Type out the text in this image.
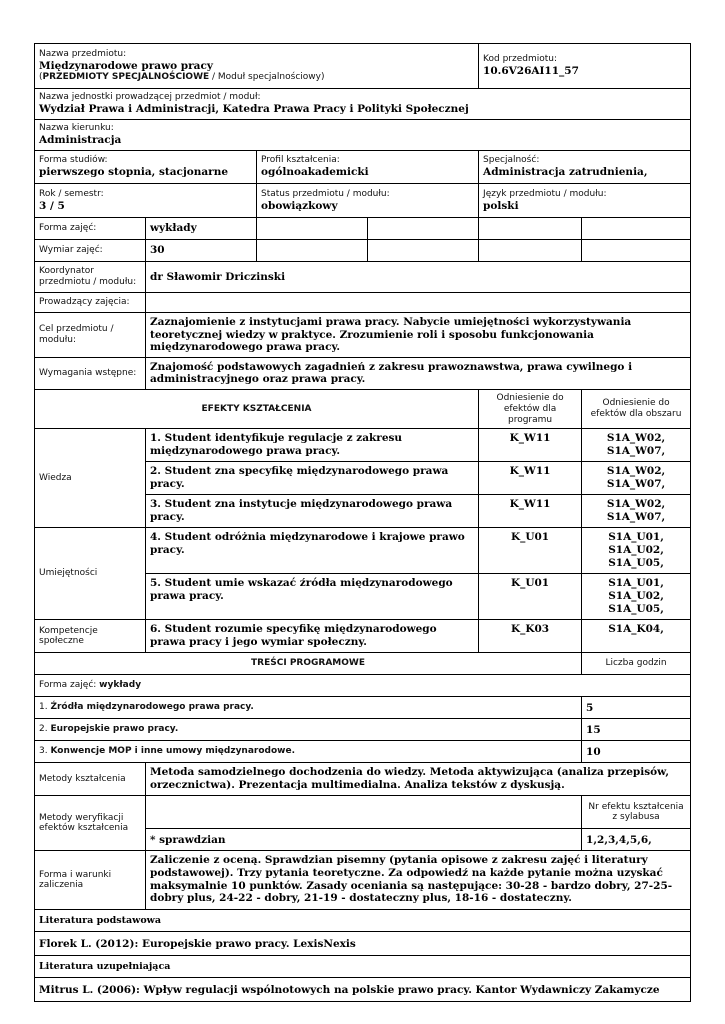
Nazwa przedmiotu:
Międzynarodowe prawo pracy
(PRZEDMIOTY SPECJALNOŚCIOWE / Moduł specjalnościowy)				Kod przedmiotu:
10.6V26AI11_57	

Nazwa jednostki prowadzącej przedmiot / moduł:
Wydział Prawa i Administracji, Katedra Prawa Pracy i Polityki Społecznej					

Nazwa kierunku:
Administracja					

Forma studiów:
pierwszego stopnia, stacjonarne		Profil kształcenia:
ogólnoakademicki		Specjalność:
Administracja zatrudnienia,	

Rok / semestr:
3 / 5		Status przedmiotu / modułu:
obowiązkowy		Język przedmiotu / modułu:
polski	

Forma zajęć:	wykłady				
Wymiar zajęć:	30				
Koordynator przedmiotu / modułu:	dr Sławomir Driczinski				
Prowadzący zajęcia:					
Cel przedmiotu / modułu:	Zaznajomienie z instytucjami prawa pracy. Nabycie umiejętności wykorzystywania teoretycznej wiedzy w praktyce. Zrozumienie roli i sposobu funkcjonowania międzynarodowego prawa pracy.				
Wymagania wstępne:	Znajomość podstawowych zagadnień z zakresu prawoznawstwa, prawa cywilnego i administracyjnego oraz prawa pracy.				
EFEKTY KSZTAŁCENIA				Odniesienie do efektów dla programu	Odniesienie do efektów dla obszaru
Wiedza	1. Student identyfikuje regulacje z zakresu międzynarodowego prawa pracy.			K_W11	S1A_W02, S1A_W07,
	2. Student zna specyfikę międzynarodowego prawa pracy.			K_W11	S1A_W02, S1A_W07,
	3. Student zna instytucje międzynarodowego prawa pracy.			K_W11	S1A_W02, S1A_W07,
Umiejętności	4. Student odróżnia międzynarodowe i krajowe prawo pracy.			K_U01	S1A_U01, S1A_U02, S1A_U05,
	5. Student umie wskazać źródła międzynarodowego prawa pracy.			K_U01	S1A_U01, S1A_U02, S1A_U05,
Kompetencje społeczne	6. Student rozumie specyfikę międzynarodowego prawa pracy i jego wymiar społeczny.			K_K03	S1A_K04,
TREŚCI PROGRAMOWE					Liczba godzin
Forma zajęć: wykłady					
1. Źródła międzynarodowego prawa pracy.					5
2. Europejskie prawo pracy.					15
3. Konwencje MOP i inne umowy międzynarodowe.					10
Metody kształcenia	Metoda samodzielnego dochodzenia do wiedzy. Metoda aktywizująca (analiza przepisów, orzecznictwa). Prezentacja multimedialna. Analiza tekstów z dyskusją.				
Metody weryfikacji efektów kształcenia					Nr efektu kształcenia z sylabusa
	* sprawdzian				1,2,3,4,5,6,
Forma i warunki zaliczenia	Zaliczenie z oceną. Sprawdzian pisemny (pytania opisowe z zakresu zajęć i literatury podstawowej). Trzy pytania teoretyczne. Za odpowiedź na każde pytanie można uzyskać maksymalnie 10 punktów. Zasady oceniania są następujące: 30-28 - bardzo dobry, 27-25- dobry plus, 24-22 - dobry, 21-19 - dostateczny plus, 18-16 - dostateczny.				
Literatura podstawowa					
Florek L. (2012): Europejskie prawo pracy. LexisNexis					
Literatura uzupełniająca					
Mitrus L. (2006): Wpływ regulacji wspólnotowych na polskie prawo pracy. Kantor Wydawniczy Zakamycze					
